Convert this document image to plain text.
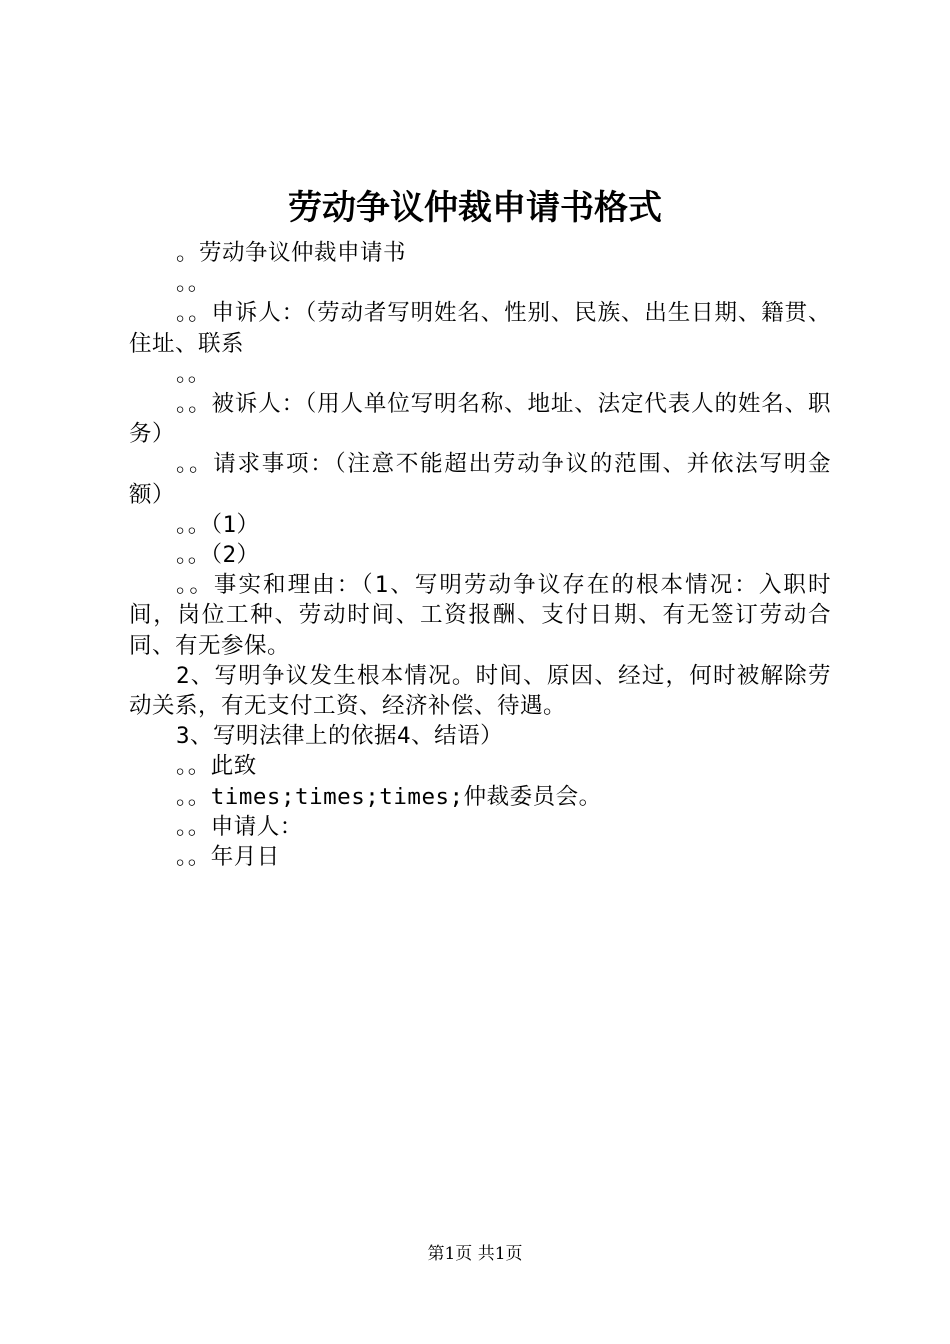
劳动争议仲裁申请书格式

。劳动争议仲裁申请书

。。

。。申诉人：（劳动者写明姓名、性别、民族、出生日期、籍贯、住址、联系

。。

。。被诉人：（用人单位写明名称、地址、法定代表人的姓名、职务）

。。请求事项：（注意不能超出劳动争议的范围、并依法写明金额）

。。（1）

。。（2）

。。事实和理由：（1、写明劳动争议存在的根本情况：入职时间，岗位工种、劳动时间、工资报酬、支付日期、有无签订劳动合同、有无参保。

2、写明争议发生根本情况。时间、原因、经过，何时被解除劳动关系，有无支付工资、经济补偿、待遇。

3、写明法律上的依据4、结语）

。。此致

。。times;times;times;仲裁委员会。

。。申请人：

。。年月日

第1页 共1页
